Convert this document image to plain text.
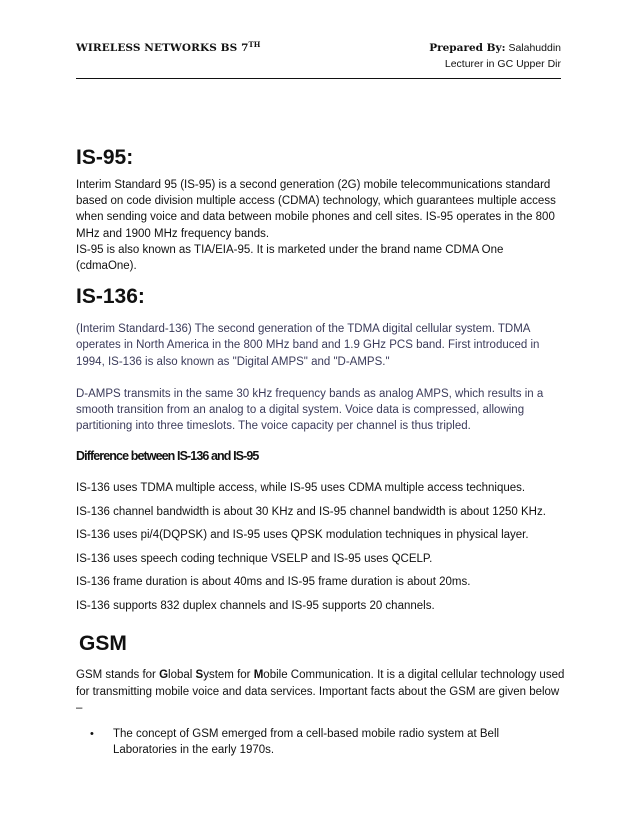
WIRELESS NETWORKS BS 7TH	Prepared By: Salahuddin
Lecturer in GC Upper Dir
IS-95:

Interim Standard 95 (IS-95) is a second generation (2G) mobile telecommunications standard based on code division multiple access (CDMA) technology, which guarantees multiple access when sending voice and data between mobile phones and cell sites. IS-95 operates in the 800 MHz and 1900 MHz frequency bands.

IS-95 is also known as TIA/EIA-95. It is marketed under the brand name CDMA One (cdmaOne).

IS-136:

(Interim Standard-136) The second generation of the TDMA digital cellular system. TDMA operates in North America in the 800 MHz band and 1.9 GHz PCS band. First introduced in 1994, IS-136 is also known as "Digital AMPS" and "D-AMPS."

D-AMPS transmits in the same 30 kHz frequency bands as analog AMPS, which results in a smooth transition from an analog to a digital system. Voice data is compressed, allowing partitioning into three timeslots. The voice capacity per channel is thus tripled.

Difference between IS-136 and IS-95

IS-136 uses TDMA multiple access, while IS-95 uses CDMA multiple access techniques.

IS-136 channel bandwidth is about 30 KHz and IS-95 channel bandwidth is about 1250 KHz.

IS-136 uses pi/4(DQPSK) and IS-95 uses QPSK modulation techniques in physical layer.

IS-136 uses speech coding technique VSELP and IS-95 uses QCELP.

IS-136 frame duration is about 40ms and IS-95 frame duration is about 20ms.

IS-136 supports 832 duplex channels and IS-95 supports 20 channels.

GSM

GSM stands for Global System for Mobile Communication. It is a digital cellular technology used for transmitting mobile voice and data services. Important facts about the GSM are given below
–

• The concept of GSM emerged from a cell-based mobile radio system at Bell Laboratories in the early 1970s.
